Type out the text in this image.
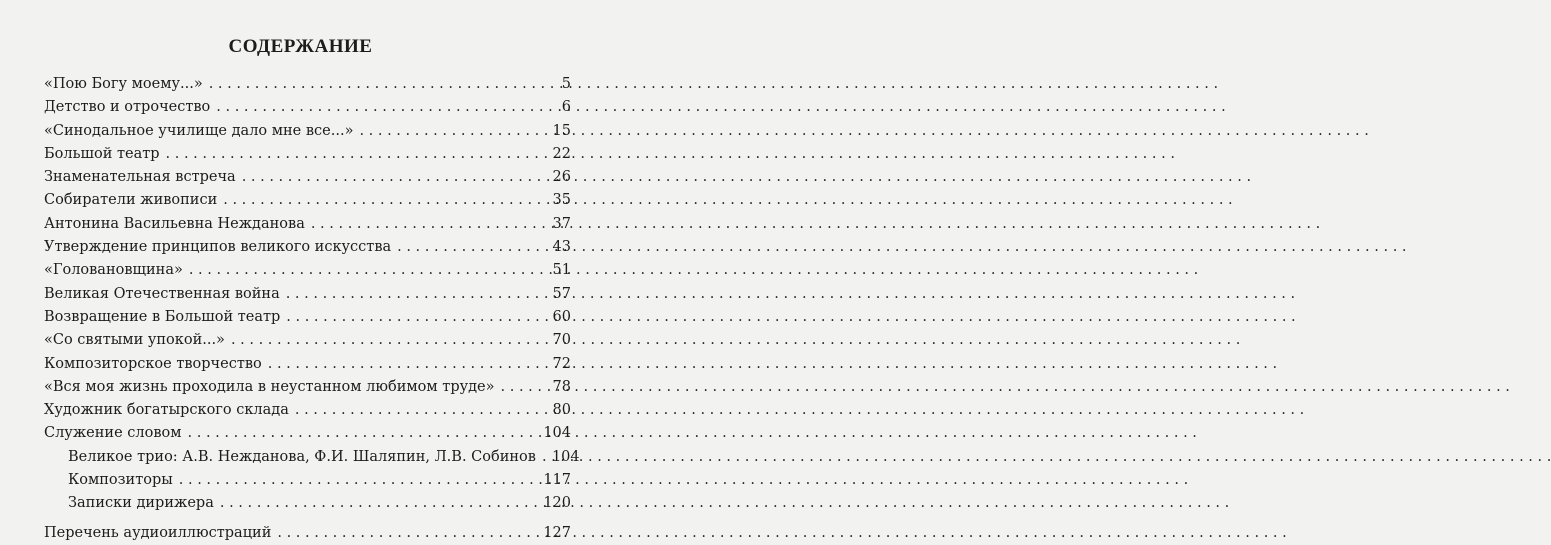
СОДЕРЖАНИЕ
«Пою Богу моему...» . . .	5
Детство и отрочество . . .	6
«Синодальное училище дало мне все...» . . .	15
Большой театр . . .	22
Знаменательная встреча . . .	26
Собиратели живописи . . .	35
Антонина Васильевна Нежданова . . .	37
Утверждение принципов великого искусства . . .	43
«Головановщина» . . .	51
Великая Отечественная война . . .	57
Возвращение в Большой театр . . .	60
«Со святыми упокой...» . . .	70
Композиторское творчество . . .	72
«Вся моя жизнь проходила в неустанном любимом труде» . . .	78
Художник богатырского склада . . .	80
Служение словом . . .	104
Великое трио: А.В. Нежданова, Ф.И. Шаляпин, Л.В. Собинов . . . 104
Композиторы . . .	117
Записки дирижера . . .	120
Перечень аудиоиллюстраций . . .	127
